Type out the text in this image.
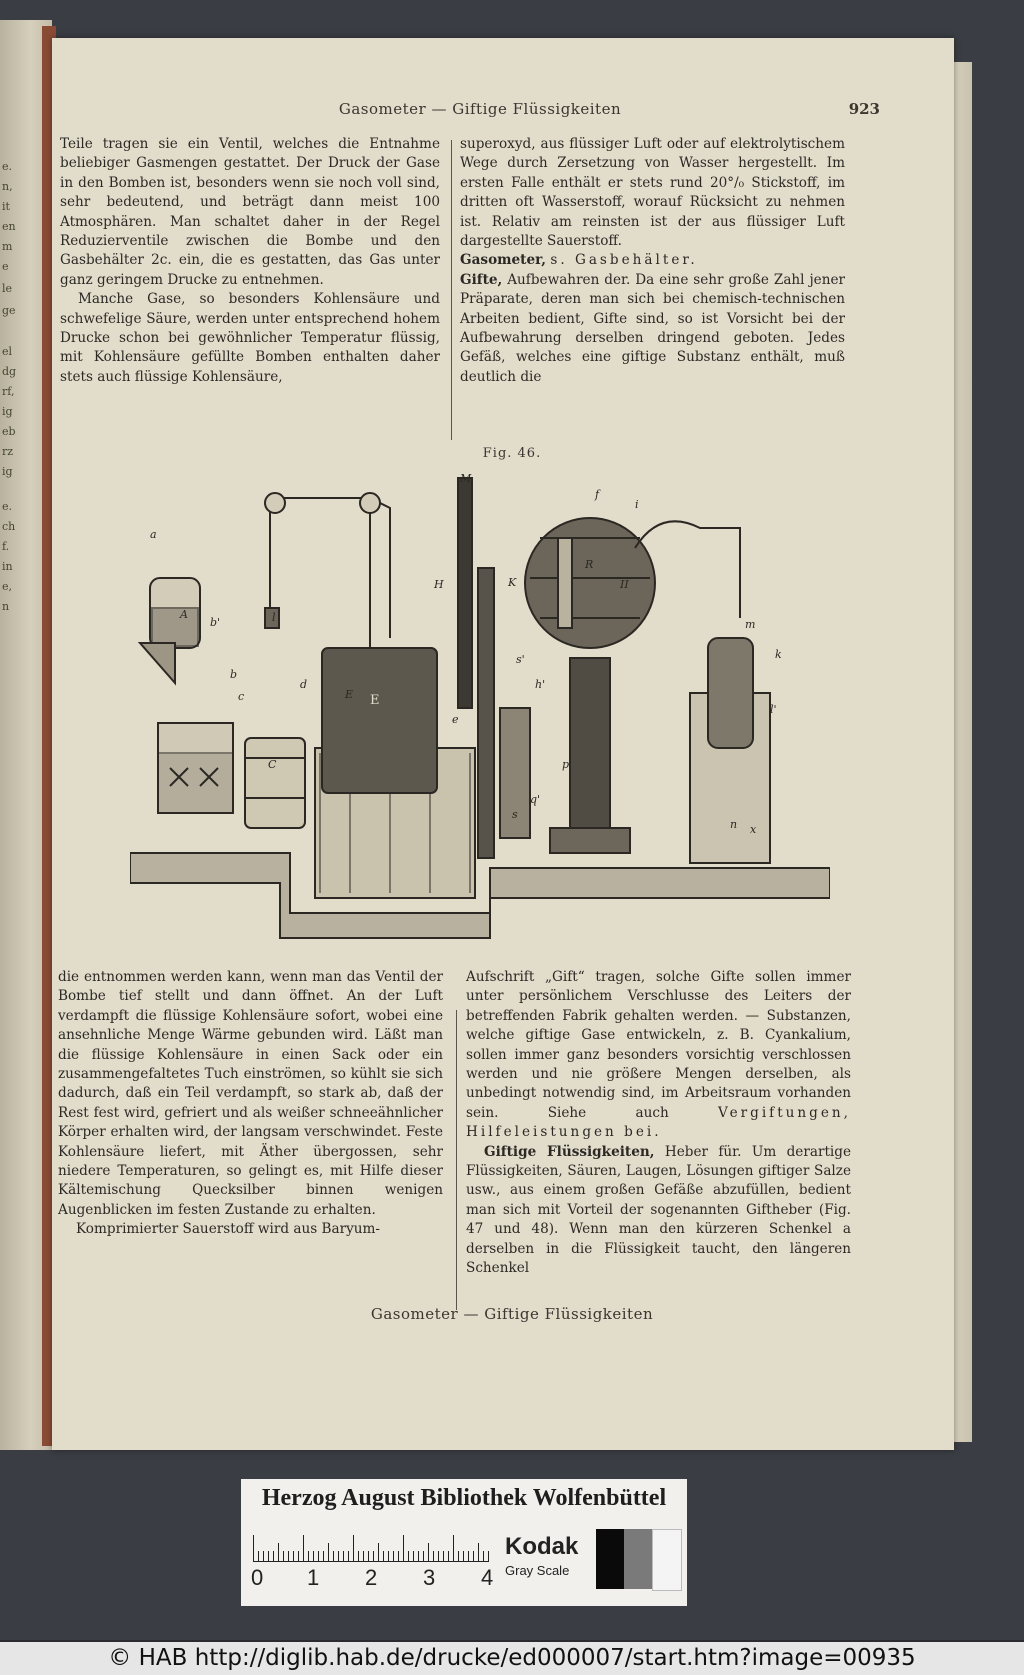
e.
n,
it
en
m
e
le
ge
el
dg
rf,
ig
eb
rz
ig
e.
ch
f.
in
e,
n
Gasometer — Giftige Flüssigkeiten	923

Teile tragen sie ein Ventil, welches die Entnahme beliebiger Gasmengen gestattet. Der Druck der Gase in den Bomben ist, besonders wenn sie noch voll sind, sehr bedeutend, und beträgt dann meist 100 Atmosphären. Man schaltet daher in der Regel Reduzierventile zwischen die Bombe und den Gasbehälter 2c. ein, die es gestatten, das Gas unter ganz geringem Drucke zu entnehmen.

Manche Gase, so besonders Kohlensäure und schwefelige Säure, werden unter entsprechend hohem Drucke schon bei gewöhnlicher Temperatur flüssig, mit Kohlensäure gefüllte Bomben enthalten daher stets auch flüssige Kohlensäure,

superoxyd, aus flüssiger Luft oder auf elektrolytischem Wege durch Zersetzung von Wasser hergestellt. Im ersten Falle enthält er stets rund 20°/₀ Stickstoff, im dritten oft Wasserstoff, worauf Rücksicht zu nehmen ist. Relativ am reinsten ist der aus flüssiger Luft dargestellte Sauerstoff.

Gasometer, s. Gasbehälter.

Gifte, Aufbewahren der. Da eine sehr große Zahl jener Präparate, deren man sich bei chemisch-technischen Arbeiten bedient, Gifte sind, so ist Vorsicht bei der Aufbewahrung derselben dringend geboten. Jedes Gefäß, welches eine giftige Substanz enthält, muß deutlich die

Fig. 46.
E
a
b
b'
A
c
C
d
E
e
l
M
H	K
R
f
i
h'
s'
p
q'
s
k
m
l'
n x
II

die entnommen werden kann, wenn man das Ventil der Bombe tief stellt und dann öffnet. An der Luft verdampft die flüssige Kohlensäure sofort, wobei eine ansehnliche Menge Wärme gebunden wird. Läßt man die flüssige Kohlensäure in einen Sack oder ein zusammengefaltetes Tuch einströmen, so kühlt sie sich dadurch, daß ein Teil verdampft, so stark ab, daß der Rest fest wird, gefriert und als weißer schneeähnlicher Körper erhalten wird, der langsam verschwindet. Feste Kohlensäure liefert, mit Äther übergossen, sehr niedere Temperaturen, so gelingt es, mit Hilfe dieser Kältemischung Quecksilber binnen wenigen Augenblicken im festen Zustande zu erhalten.

Komprimierter Sauerstoff wird aus Baryum-

Aufschrift „Gift“ tragen, solche Gifte sollen immer unter persönlichem Verschlusse des Leiters der betreffenden Fabrik gehalten werden. — Substanzen, welche giftige Gase entwickeln, z. B. Cyankalium, sollen immer ganz besonders vorsichtig verschlossen werden und nie größere Mengen derselben, als unbedingt notwendig sind, im Arbeitsraum vorhanden sein. Siehe auch	Vergiftungen, Hilfeleistungen bei.

Giftige Flüssigkeiten, Heber für. Um derartige Flüssigkeiten, Säuren, Laugen, Lösungen giftiger Salze usw., aus einem großen Gefäße abzufüllen, bedient man sich mit Vorteil der sogenannten Giftheber (Fig. 47 und 48). Wenn man den kürzeren Schenkel a derselben in die Flüssigkeit taucht, den längeren Schenkel

Gasometer — Giftige Flüssigkeiten
Herzog August Bibliothek Wolfenbüttel
0 1 2 3 4
Kodak
Gray Scale
© HAB http://diglib.hab.de/drucke/ed000007/start.htm?image=00935
